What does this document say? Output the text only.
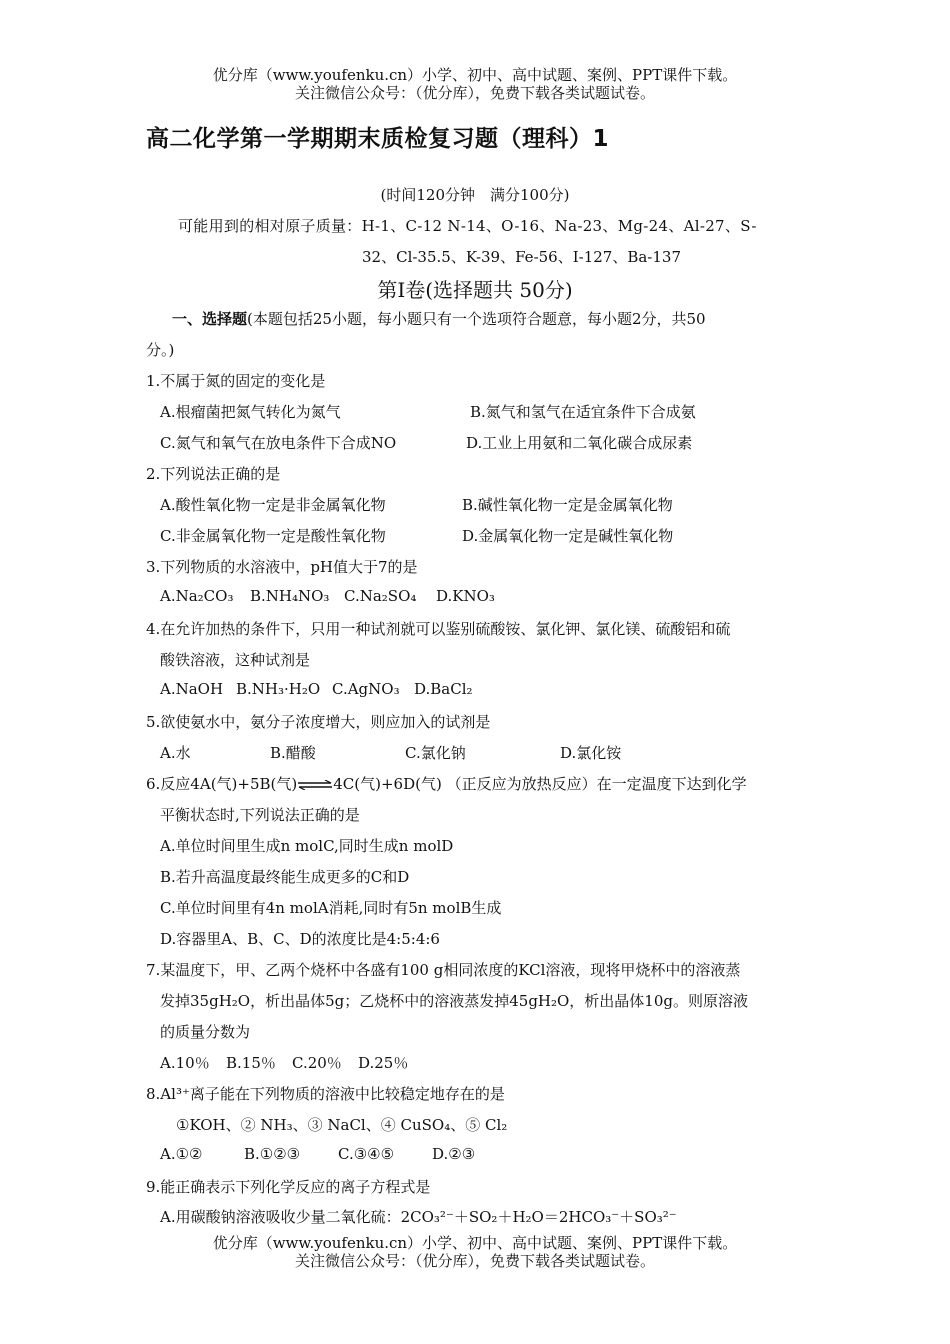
优分库（www.youfenku.cn）小学、初中、高中试题、案例、PPT课件下载。
关注微信公众号：（优分库），免费下载各类试题试卷。
高二化学第一学期期末质检复习题（理科）1
(时间120分钟　满分100分)
可能用到的相对原子质量：H-1、C-12 N-14、O-16、Na-23、Mg-24、Al-27、S-
32、Cl-35.5、K-39、Fe-56、I-127、Ba-137
第Ⅰ卷(选择题共 50分)
一、选择题(本题包括25小题，每小题只有一个选项符合题意，每小题2分，共50
分。)
1.不属于氮的固定的变化是
A.根瘤菌把氮气转化为氮气	B.氮气和氢气在适宜条件下合成氨
C.氮气和氧气在放电条件下合成NO	D.工业上用氨和二氧化碳合成尿素
2.下列说法正确的是
A.酸性氧化物一定是非金属氧化物	B.碱性氧化物一定是金属氧化物
C.非金属氧化物一定是酸性氧化物	D.金属氧化物一定是碱性氧化物
3.下列物质的水溶液中，pH值大于7的是
A.Na₂CO₃ B.NH₄NO₃ C.Na₂SO₄ D.KNO₃
4.在允许加热的条件下，只用一种试剂就可以鉴别硫酸铵、氯化钾、氯化镁、硫酸铝和硫
酸铁溶液，这种试剂是
A.NaOH B.NH₃·H₂O C.AgNO₃ D.BaCl₂
5.欲使氨水中，氨分子浓度增大，则应加入的试剂是
A.水	B.醋酸	C.氯化钠	D.氯化铵
6.反应4A(气)+5B(气)⇌4C(气)+6D(气) （正反应为放热反应）在一定温度下达到化学
平衡状态时,下列说法正确的是
A.单位时间里生成n molC,同时生成n molD
B.若升高温度最终能生成更多的C和D
C.单位时间里有4n molA消耗,同时有5n molB生成
D.容器里A、B、C、D的浓度比是4:5:4:6
7.某温度下，甲、乙两个烧杯中各盛有100 g相同浓度的KCl溶液，现将甲烧杯中的溶液蒸
发掉35gH₂O，析出晶体5g；乙烧杯中的溶液蒸发掉45gH₂O，析出晶体10g。则原溶液
的质量分数为
A.10％ B.15％ C.20％ D.25％
8.Al³⁺离子能在下列物质的溶液中比较稳定地存在的是
①KOH、② NH₃、③ NaCl、④ CuSO₄、⑤ Cl₂
A.①②	B.①②③	C.③④⑤	D.②③
9.能正确表示下列化学反应的离子方程式是
A.用碳酸钠溶液吸收少量二氧化硫：2CO₃²⁻＋SO₂＋H₂O＝2HCO₃⁻＋SO₃²⁻
优分库（www.youfenku.cn）小学、初中、高中试题、案例、PPT课件下载。
关注微信公众号：（优分库），免费下载各类试题试卷。
